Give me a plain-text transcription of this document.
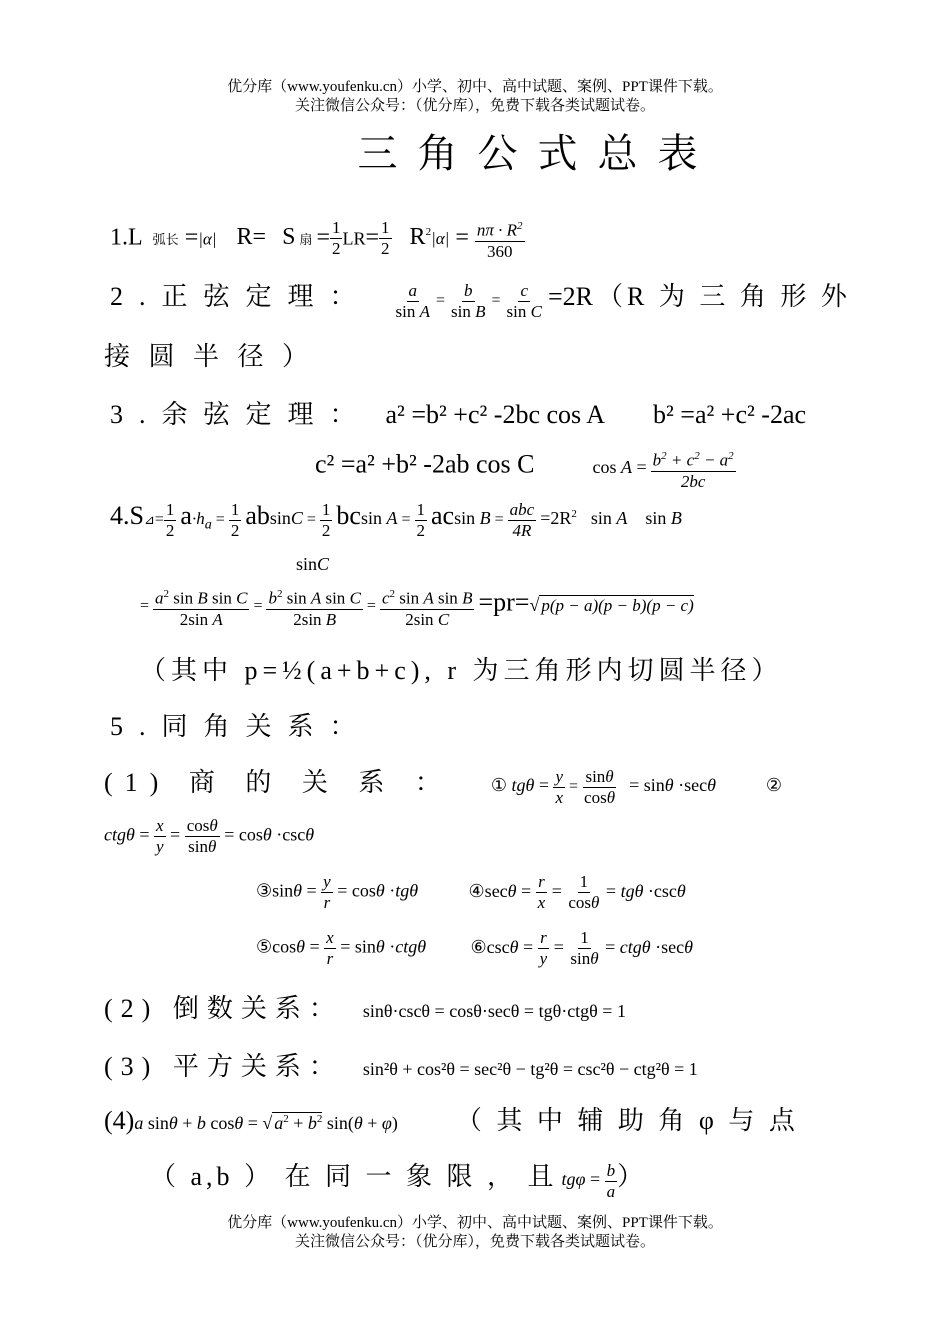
优分库（www.youfenku.cn）小学、初中、高中试题、案例、PPT课件下载。
关注微信公众号：（优分库），免费下载各类试题试卷。
三角公式总表
1.L 弧长 =|α| R= S 扇 = $\frac{1}{2} LR= \frac{1}{2} R^2|\alpha| = \frac{n\pi \cdot R^2}{360}$
2.正弦定理： $\frac{a}{\text{sin A}} = \frac{b}{\text{sin B}} = \frac{c}{\text{sin C}} =2R$ （R 为 三 角 形 外
接 圆 半 径 ）
3.余弦定理： a² =b² +c² -2bc cos A b² =a² +c² -2ac
c² =a² +b² -2ab cos C	$\cos A = \frac{b^2 + c^2 - a^2}{2bc}$
4.S⊿= $\frac{1}{2} a\cdot h_a = \frac{1}{2}$ $absinC = \frac{1}{2}$ bcsin $A = \frac{1}{2}$ acsin $B = \frac{\text{abc}}{4R} =2R^2$ sin A    sin B
sinC
= $\frac{a^2 \sin B \sin C}{\text{2sin A}} = \frac{b^2 \sin A \sin C}{\text{2sin B}} = \frac{c^2 \sin A \sin B}{\text{2sin C}} =pr=√$ p(p − a)(p − b)(p − c)
（其中 p=½(a+b+c), r 为三角形内切圆半径）
5.同角关系：
(1) 商 的 关 系 ： ① $tg\theta = \frac{y}{x} = \frac{\sin\theta}{\cos\theta} = \sin\theta \cdot\sec\theta$	②
$ctg\theta = \frac{x}{y} = \frac{\cos\theta}{\sin\theta} = \cos\theta \cdot\csc\theta$
③sinθ = $\frac{y}{r} = \cos\theta \cdot tg\theta$	④secθ = $\frac{r}{x} = \frac{1}{\cos\theta} = tg\theta \cdot\csc\theta$
⑤cosθ = $\frac{x}{r} = \sin\theta \cdot ctg\theta$ ⑥cscθ = $\frac{r}{y} = \frac{1}{\sin\theta} = ctg\theta \cdot\sec\theta$
(2) 倒数关系： sinθ·cscθ = cosθ·secθ = tgθ·ctgθ = 1
(3) 平方关系： sin²θ + cos²θ = sec²θ − tg²θ = csc²θ − ctg²θ = 1
(4)a sinθ + b cosθ = √ $a^2 + b^2$ sin(θ + φ) （ 其 中 辅 助 角 φ 与 点
（ a,b ） 在 同 一 象 限 ， 且 $tg\varphi = \frac{b}{a}$ ）
优分库（www.youfenku.cn）小学、初中、高中试题、案例、PPT课件下载。
关注微信公众号：（优分库），免费下载各类试题试卷。
